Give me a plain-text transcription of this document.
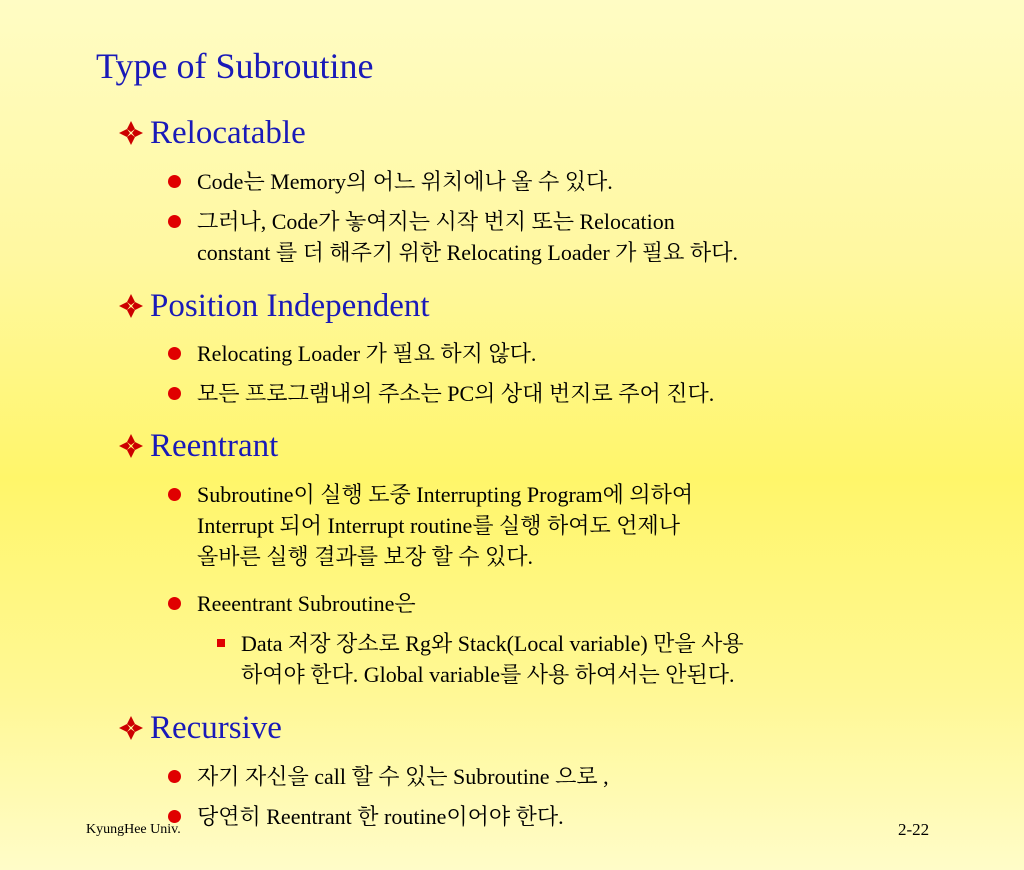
Type of Subroutine
Relocatable
Code는 Memory의 어느 위치에나 올 수 있다.
그러나, Code가 놓여지는 시작 번지 또는 Relocation
constant 를 더 해주기 위한 Relocating Loader 가 필요 하다.
Position Independent
Relocating Loader 가 필요 하지 않다.
모든 프로그램내의 주소는 PC의 상대 번지로 주어 진다.
Reentrant
Subroutine이 실행 도중 Interrupting Program에 의하여
Interrupt 되어 Interrupt routine를 실행 하여도 언제나
올바른 실행 결과를 보장 할 수 있다.
Reeentrant Subroutine은
Data 저장 장소로 Rg와 Stack(Local variable) 만을 사용
하여야 한다. Global variable를 사용 하여서는 안된다.
Recursive
자기 자신을 call 할 수 있는 Subroutine 으로 ,
당연히 Reentrant 한 routine이어야 한다.
KyungHee Univ.	2-22
